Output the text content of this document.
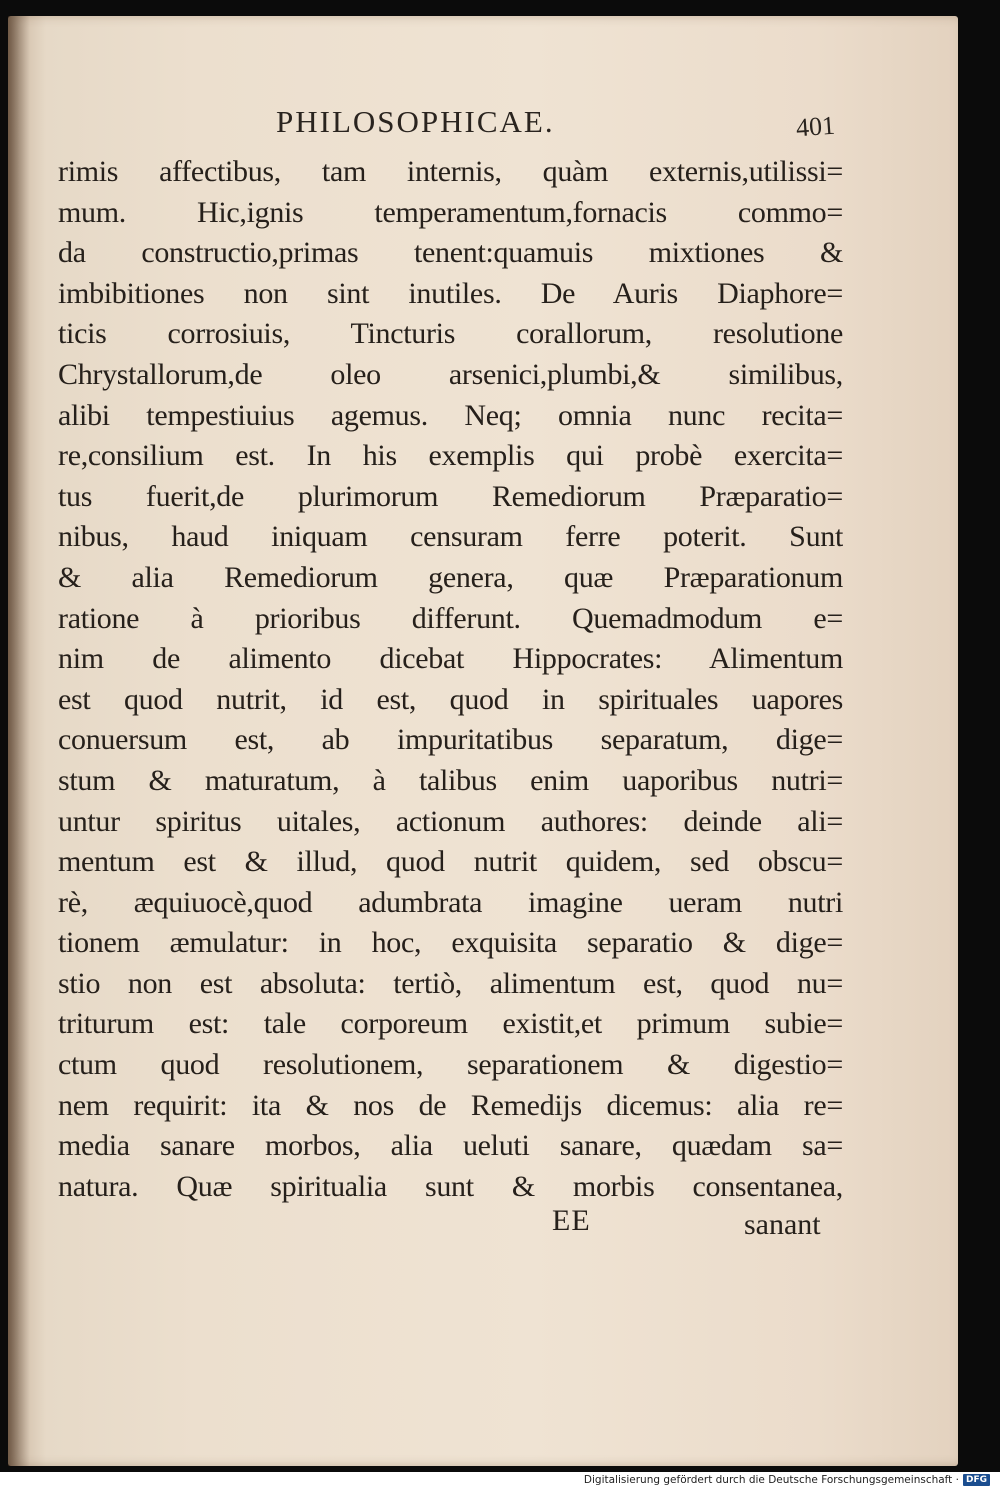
PHILOSOPHICAE.	401
rimis affectibus, tam internis, quàm externis,utilissi=
mum. Hic,ignis temperamentum,fornacis commo=
da constructio,primas tenent:quamuis mixtiones &
imbibitiones non sint inutiles. De Auris Diaphore=
ticis corrosiuis, Tincturis corallorum, resolutione
Chrystallorum,de oleo arsenici,plumbi,& similibus,
alibi tempestiuius agemus. Neq; omnia nunc recita=
re,consilium est. In his exemplis qui probè exercita=
tus fuerit,de plurimorum Remediorum Præparatio=
nibus, haud iniquam censuram ferre poterit. Sunt
& alia Remediorum genera, quæ Præparationum
ratione à prioribus differunt. Quemadmodum e=
nim de alimento dicebat Hippocrates: Alimentum
est quod nutrit, id est, quod in spirituales uapores
conuersum est, ab impuritatibus separatum, dige=
stum & maturatum, à talibus enim uaporibus nutri=
untur spiritus uitales, actionum authores: deinde ali=
mentum est & illud, quod nutrit quidem, sed obscu=
rè, æquiuocè,quod adumbrata imagine ueram nutri
tionem æmulatur: in hoc, exquisita separatio & dige=
stio non est absoluta: tertiò, alimentum est, quod nu=
triturum est: tale corporeum existit,et primum subie=
ctum quod resolutionem, separationem & digestio=
nem requirit: ita & nos de Remedijs dicemus: alia re=
media sanare morbos, alia ueluti sanare, quædam sa=
natura. Quæ spiritualia sunt & morbis consentanea,
EE	sanant
Digitalisierung gefördert durch die Deutsche Forschungsgemeinschaft · DFG
